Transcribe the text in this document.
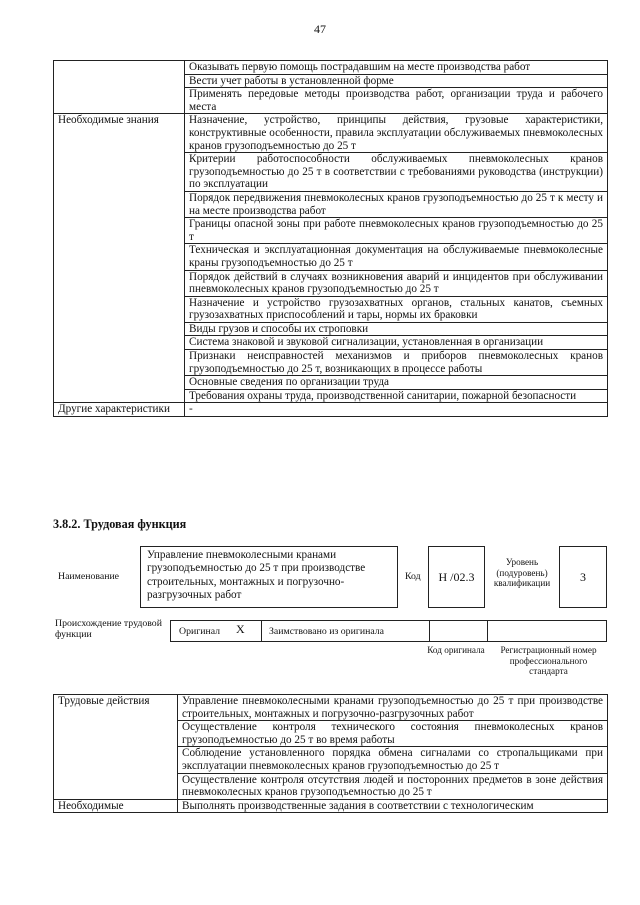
47
	Оказывать первую помощь пострадавшим на месте производства работ
	Вести учет работы в установленной форме
	Применять передовые методы производства работ, организации труда и рабочего места
Необходимые знания	Назначение, устройство, принципы действия, грузовые характеристики, конструктивные особенности, правила эксплуатации обслуживаемых пневмоколесных кранов грузоподъемностью до 25 т
	Критерии работоспособности обслуживаемых пневмоколесных кранов грузоподъемностью до 25 т в соответствии с требованиями руководства (инструкции) по эксплуатации
	Порядок передвижения пневмоколесных кранов грузоподъемностью до 25 т к месту и на месте производства работ
	Границы опасной зоны при работе пневмоколесных кранов грузоподъемностью до 25 т
	Техническая и эксплуатационная документация на обслуживаемые пневмоколесные краны грузоподъемностью до 25 т
	Порядок действий в случаях возникновения аварий и инцидентов при обслуживании пневмоколесных кранов грузоподъемностью до 25 т
	Назначение и устройство грузозахватных органов, стальных канатов, съемных грузозахватных приспособлений и тары, нормы их браковки
	Виды грузов и способы их строповки
	Система знаковой и звуковой сигнализации, установленная в организации
	Признаки неисправностей механизмов и приборов пневмоколесных кранов грузоподъемностью до 25 т, возникающих в процессе работы
	Основные сведения по организации труда
	Требования охраны труда, производственной санитарии, пожарной безопасности
Другие характеристики	-
3.8.2. Трудовая функция
Наименование
Управление пневмоколесными кранами грузоподъемностью до 25 т при производстве строительных, монтажных и погрузочно-разгрузочных работ
Код Н /02.3
Уровень (подуровень) квалификации	3
Происхождение трудовой функции	Оригинал X Заимствовано из оригинала
Код оригинала	Регистрационный номер профессионального стандарта
Трудовые действия	Управление пневмоколесными кранами грузоподъемностью до 25 т при производстве строительных, монтажных и погрузочно-разгрузочных работ
	Осуществление контроля технического состояния пневмоколесных кранов грузоподъемностью до 25 т во время работы
	Соблюдение установленного порядка обмена сигналами со стропальщиками при эксплуатации пневмоколесных кранов грузоподъемностью до 25 т
	Осуществление контроля отсутствия людей и посторонних предметов в зоне действия пневмоколесных кранов грузоподъемностью до 25 т
Необходимые	Выполнять производственные задания в соответствии с технологическим
